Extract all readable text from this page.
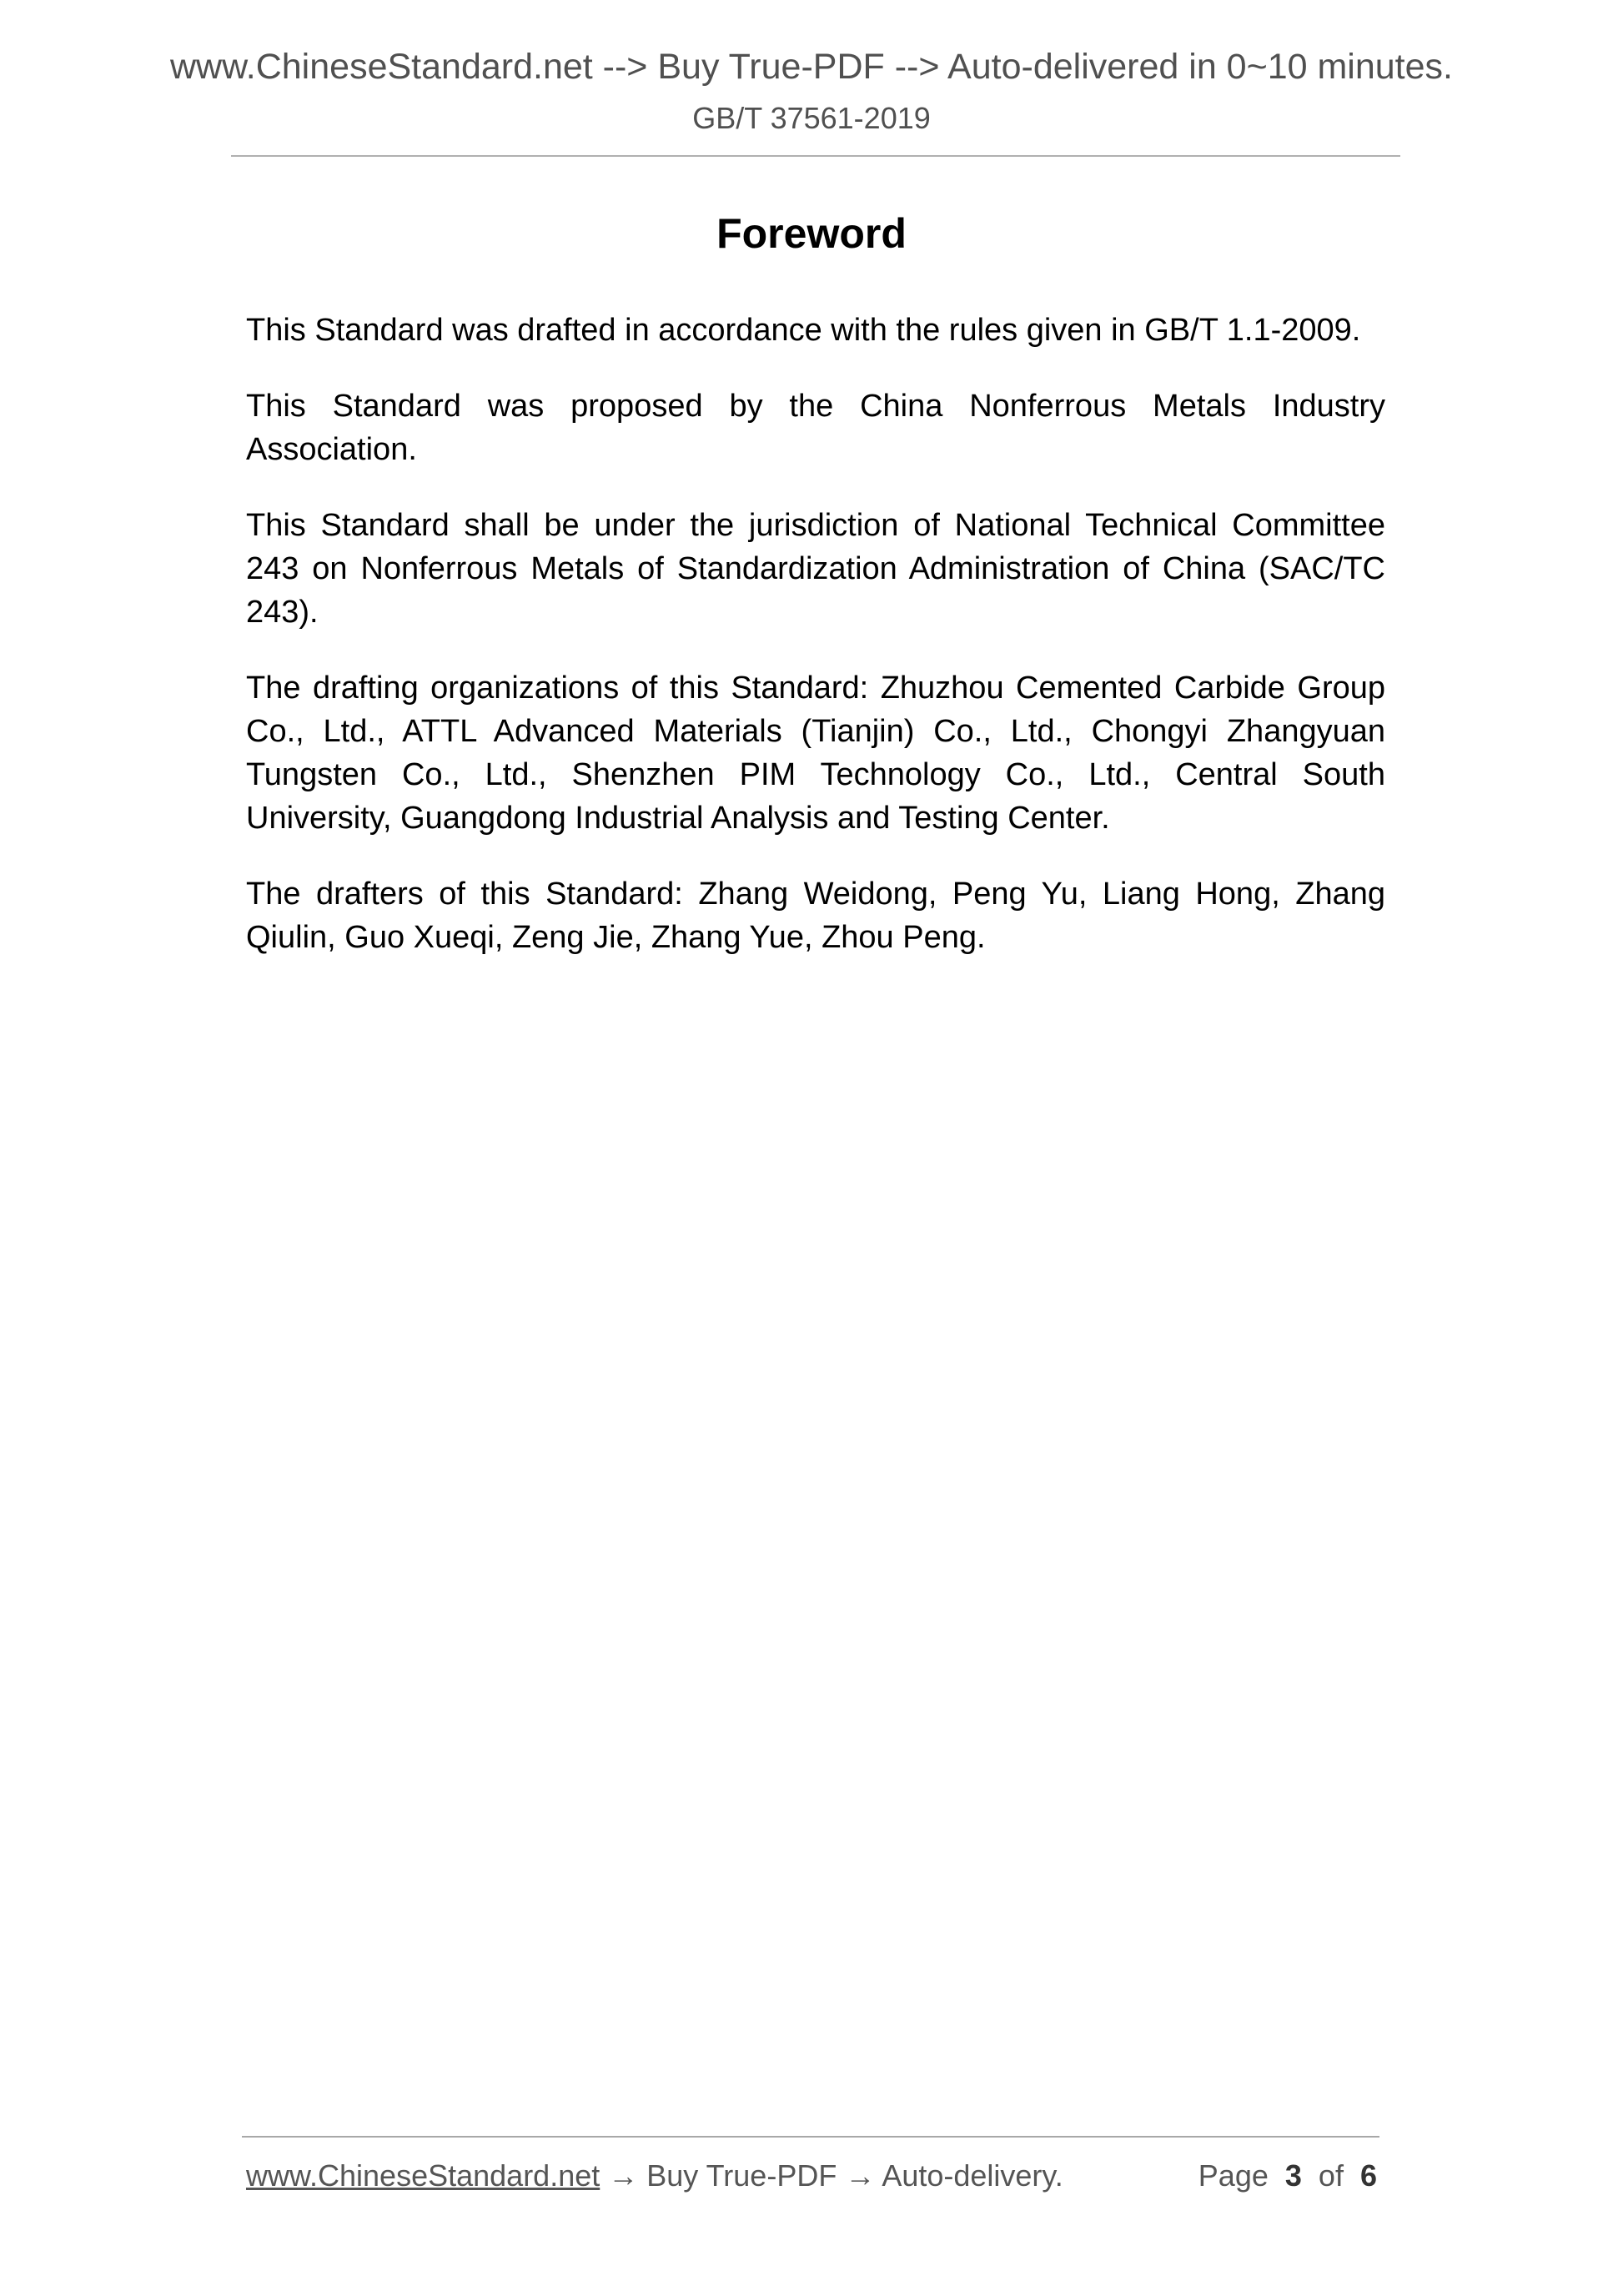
www.ChineseStandard.net --> Buy True-PDF --> Auto-delivered in 0~10 minutes.
GB/T 37561-2019
Foreword

This Standard was drafted in accordance with the rules given in GB/T 1.1-2009.

This Standard was proposed by the China Nonferrous Metals Industry Association.

This Standard shall be under the jurisdiction of National Technical Committee 243 on Nonferrous Metals of Standardization Administration of China (SAC/TC 243).

The drafting organizations of this Standard: Zhuzhou Cemented Carbide Group Co., Ltd., ATTL Advanced Materials (Tianjin) Co., Ltd., Chongyi Zhangyuan Tungsten Co., Ltd., Shenzhen PIM Technology Co., Ltd., Central South University, Guangdong Industrial Analysis and Testing Center.

The drafters of this Standard: Zhang Weidong, Peng Yu, Liang Hong, Zhang Qiulin, Guo Xueqi, Zeng Jie, Zhang Yue, Zhou Peng.

www.ChineseStandard.net → Buy True-PDF → Auto-delivery.	Page 3 of 6
